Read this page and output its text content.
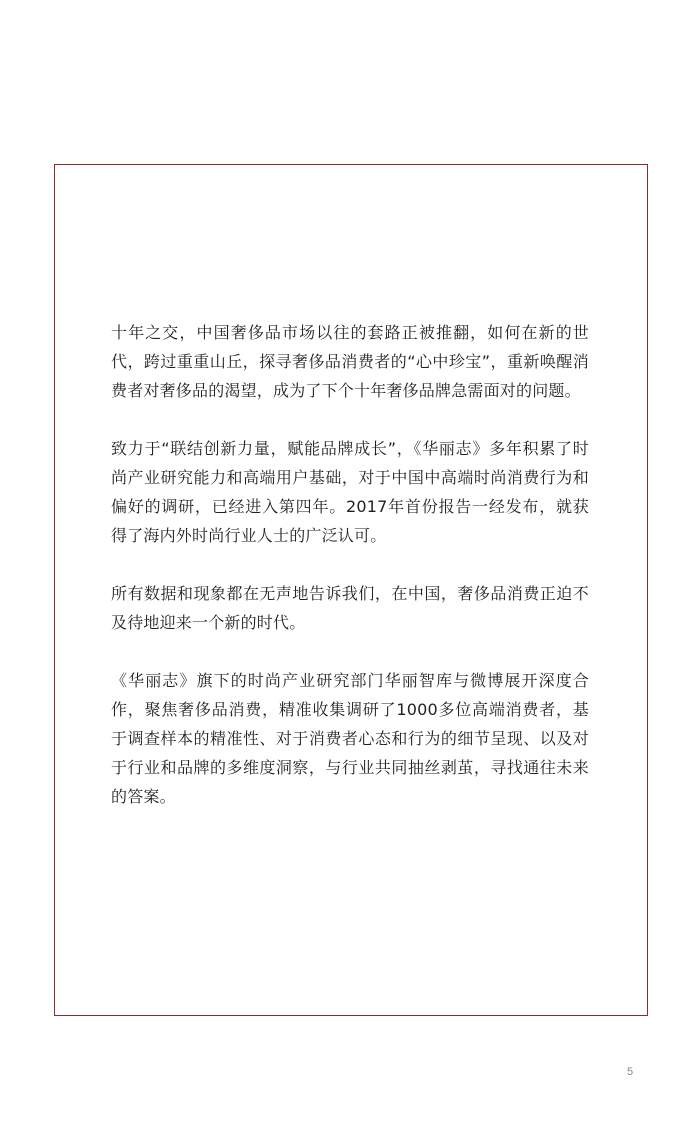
十年之交，中国奢侈品市场以往的套路正被推翻，如何在新的世代，跨过重重山丘，探寻奢侈品消费者的“心中珍宝”，重新唤醒消费者对奢侈品的渴望，成为了下个十年奢侈品牌急需面对的问题。

致力于“联结创新力量，赋能品牌成长”，《华丽志》多年积累了时尚产业研究能力和高端用户基础，对于中国中高端时尚消费行为和偏好的调研，已经进入第四年。2017年首份报告一经发布，就获得了海内外时尚行业人士的广泛认可。

所有数据和现象都在无声地告诉我们，在中国，奢侈品消费正迫不及待地迎来一个新的时代。

《华丽志》旗下的时尚产业研究部门华丽智库与微博展开深度合作，聚焦奢侈品消费，精准收集调研了1000多位高端消费者，基于调查样本的精准性、对于消费者心态和行为的细节呈现、以及对于行业和品牌的多维度洞察，与行业共同抽丝剥茧，寻找通往未来的答案。

5
